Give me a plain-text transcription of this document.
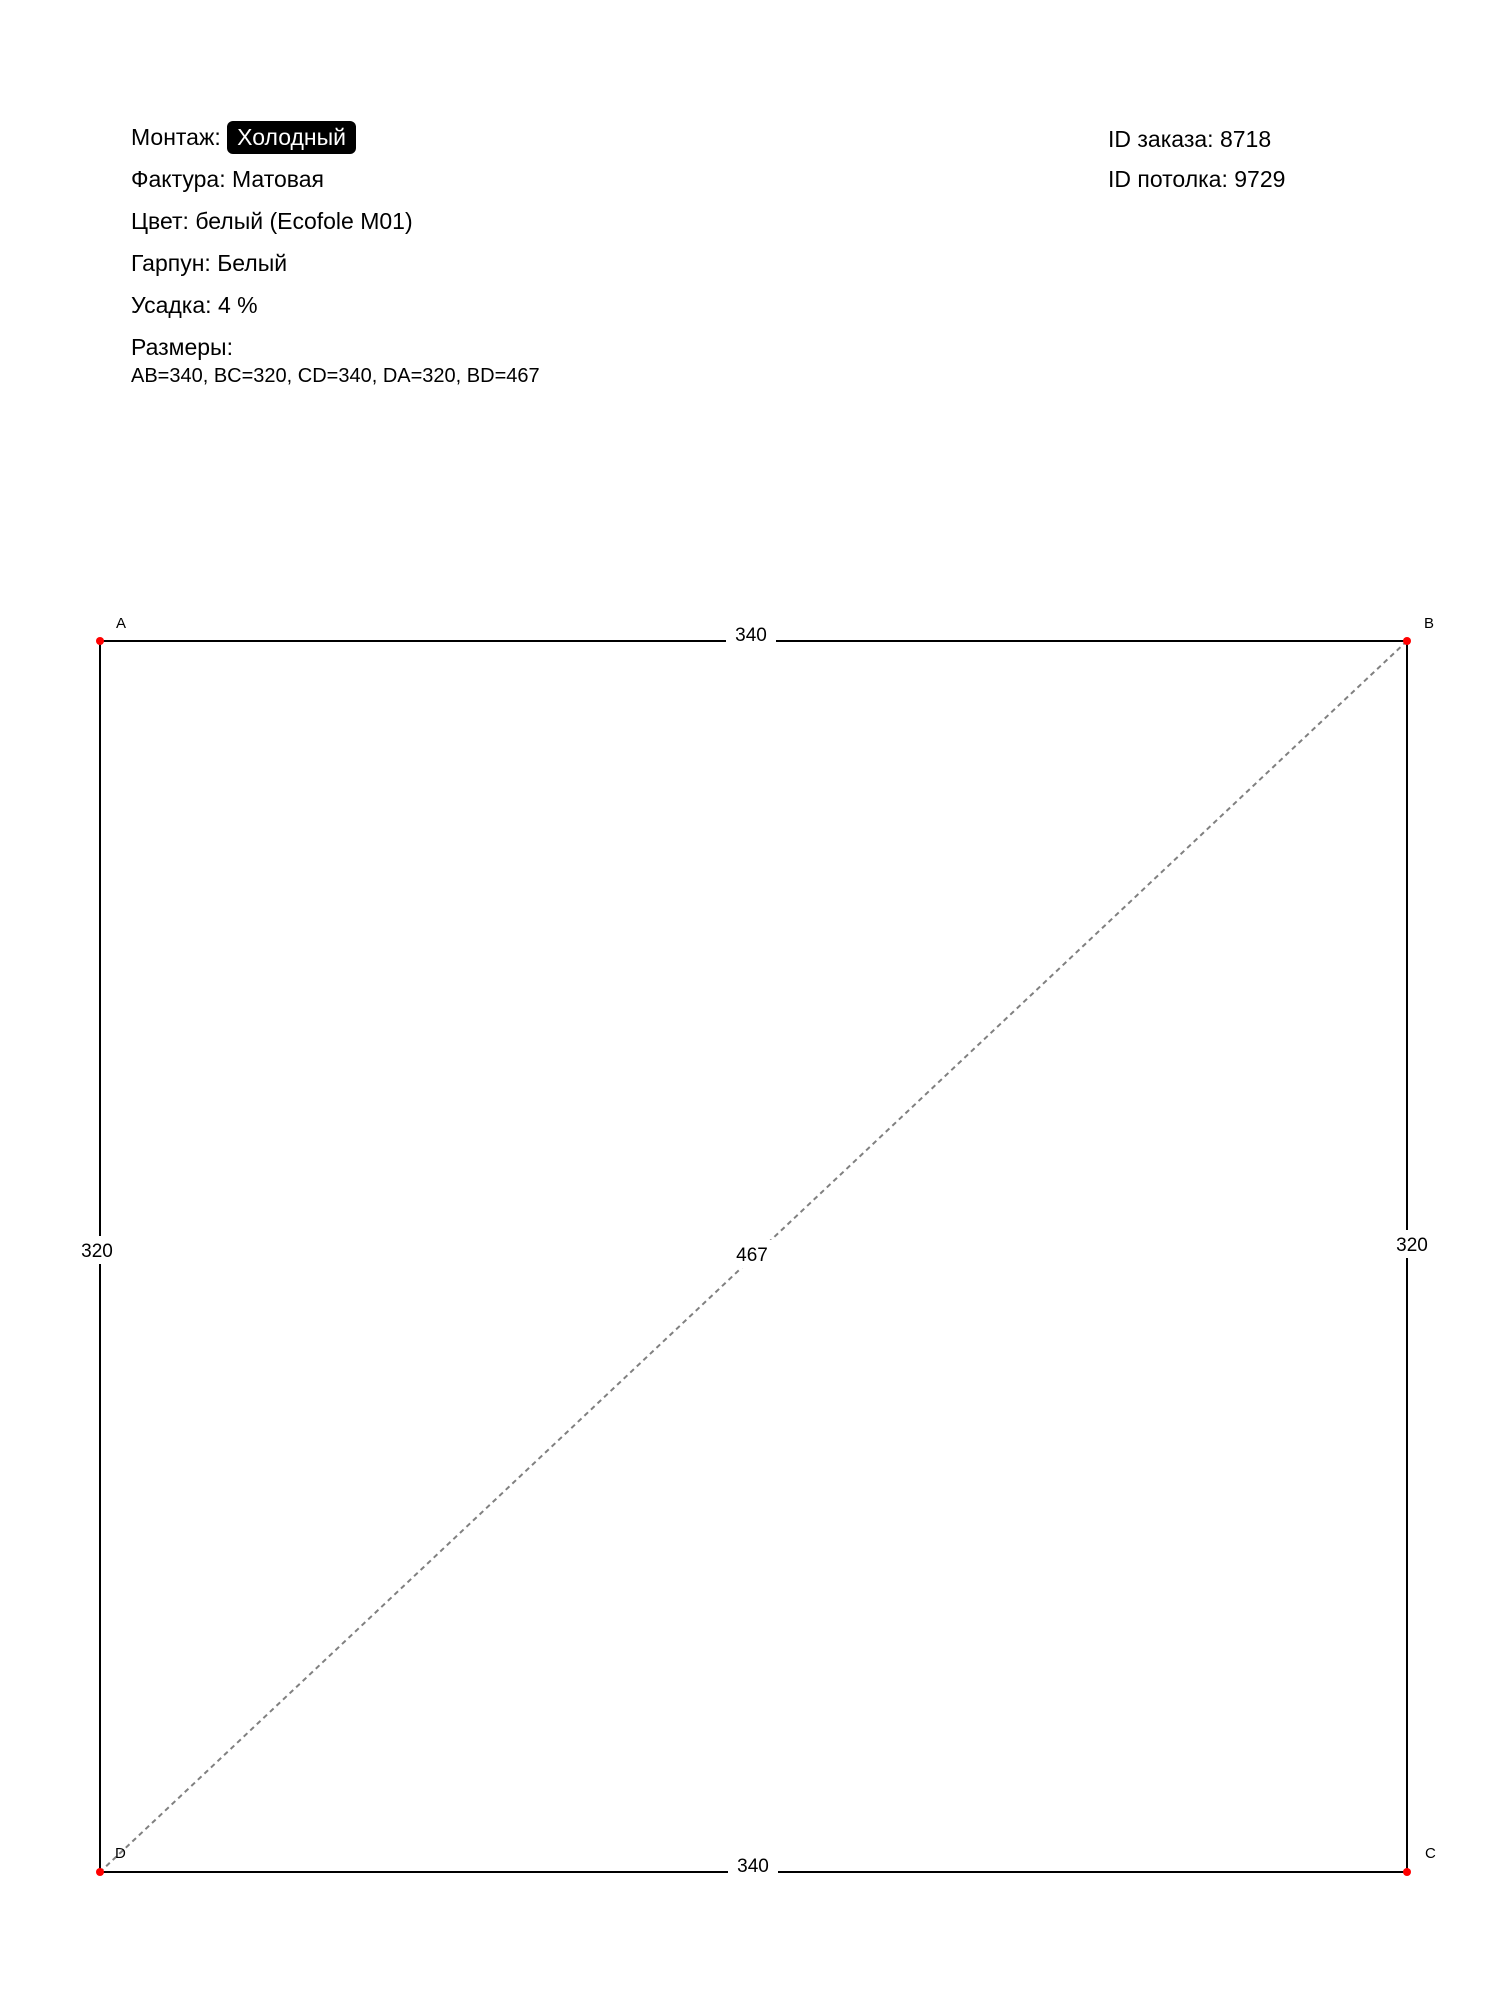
Монтаж: Холодный
Фактура: Матовая
Цвет: белый (Ecofole M01)
Гарпун: Белый
Усадка: 4 %
Размеры:
AB=340, BC=320, CD=340, DA=320, BD=467
ID заказа: 8718
ID потолка: 9729
340
340
320	320
467
A	B
C
D
